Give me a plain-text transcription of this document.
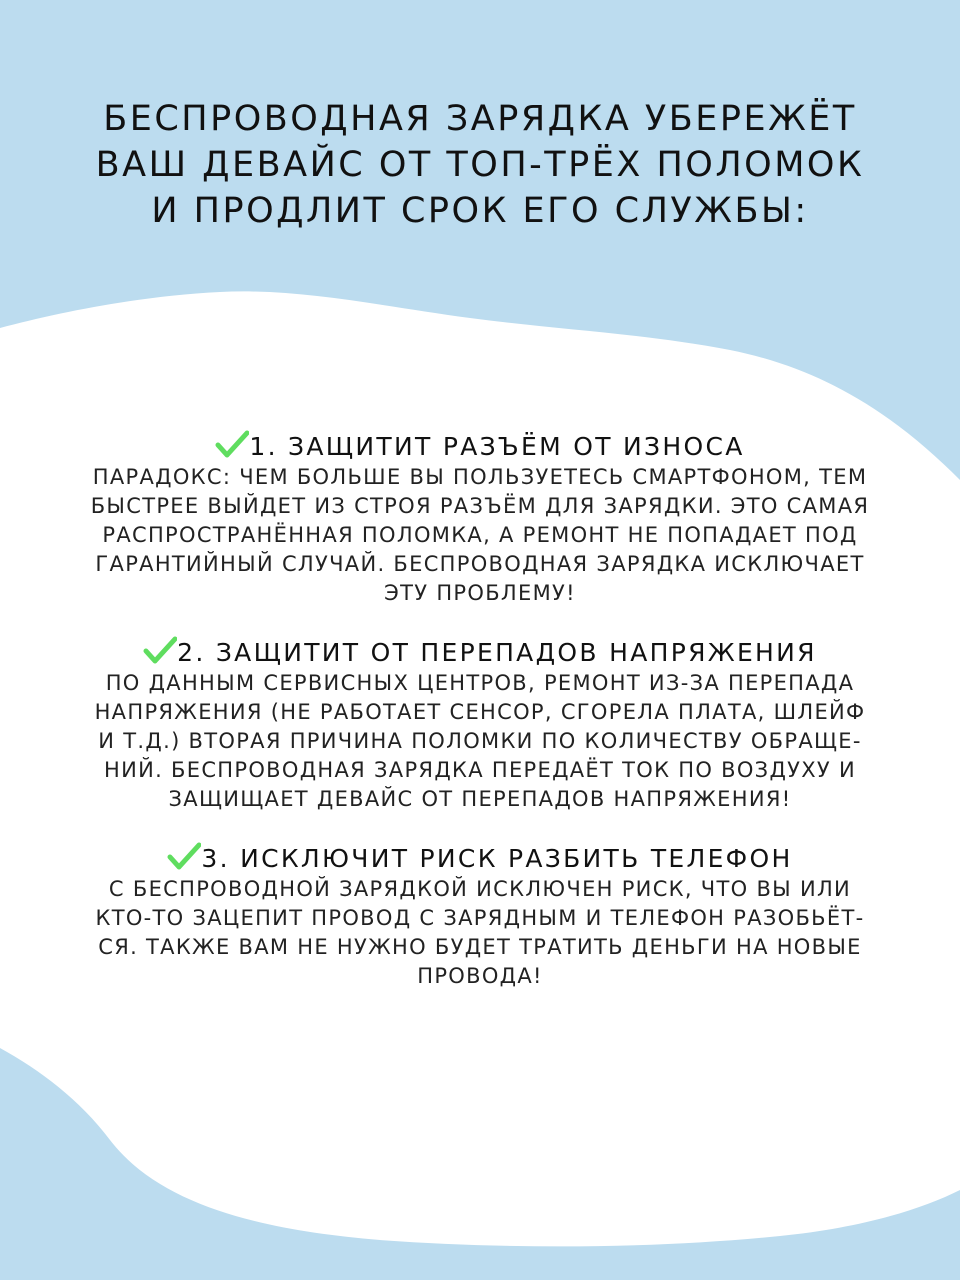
БЕСПРОВОДНАЯ ЗАРЯДКА УБЕРЕЖЁТ
ВАШ ДЕВАЙС ОТ ТОП-ТРЁХ ПОЛОМОК
И ПРОДЛИТ СРОК ЕГО СЛУЖБЫ:
1. ЗАЩИТИТ РАЗЪЁМ ОТ ИЗНОСА
ПАРАДОКС: ЧЕМ БОЛЬШЕ ВЫ ПОЛЬЗУЕТЕСЬ СМАРТФОНОМ, ТЕМ
БЫСТРЕЕ ВЫЙДЕТ ИЗ СТРОЯ РАЗЪЁМ ДЛЯ ЗАРЯДКИ. ЭТО САМАЯ
РАСПРОСТРАНЁННАЯ ПОЛОМКА, А РЕМОНТ НЕ ПОПАДАЕТ ПОД
ГАРАНТИЙНЫЙ СЛУЧАЙ. БЕСПРОВОДНАЯ ЗАРЯДКА ИСКЛЮЧАЕТ
ЭТУ ПРОБЛЕМУ!
2. ЗАЩИТИТ ОТ ПЕРЕПАДОВ НАПРЯЖЕНИЯ
ПО ДАННЫМ СЕРВИСНЫХ ЦЕНТРОВ, РЕМОНТ ИЗ-ЗА ПЕРЕПАДА
НАПРЯЖЕНИЯ (НЕ РАБОТАЕТ СЕНСОР, СГОРЕЛА ПЛАТА, ШЛЕЙФ
И Т.Д.) ВТОРАЯ ПРИЧИНА ПОЛОМКИ ПО КОЛИЧЕСТВУ ОБРАЩЕ-
НИЙ. БЕСПРОВОДНАЯ ЗАРЯДКА ПЕРЕДАЁТ ТОК ПО ВОЗДУХУ И
ЗАЩИЩАЕТ ДЕВАЙС ОТ ПЕРЕПАДОВ НАПРЯЖЕНИЯ!
3. ИСКЛЮЧИТ РИСК РАЗБИТЬ ТЕЛЕФОН
С БЕСПРОВОДНОЙ ЗАРЯДКОЙ ИСКЛЮЧЕН РИСК, ЧТО ВЫ ИЛИ
КТО-ТО ЗАЦЕПИТ ПРОВОД С ЗАРЯДНЫМ И ТЕЛЕФОН РАЗОБЬЁТ-
СЯ. ТАКЖЕ ВАМ НЕ НУЖНО БУДЕТ ТРАТИТЬ ДЕНЬГИ НА НОВЫЕ
ПРОВОДА!
